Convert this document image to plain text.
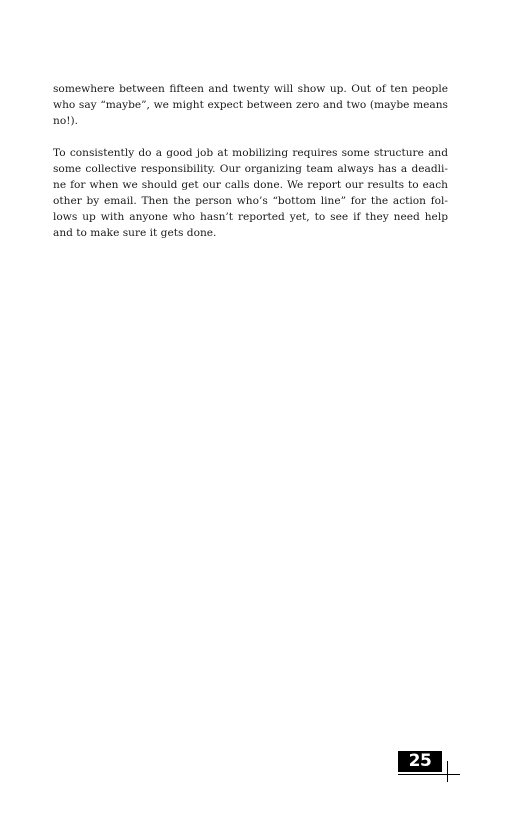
somewhere between fifteen and twenty will show up. Out of ten people
who say “maybe”, we might expect between zero and two (maybe means
no!).

To consistently do a good job at mobilizing requires some structure and
some collective responsibility. Our organizing team always has a deadli-
ne for when we should get our calls done. We report our results to each
other by email. Then the person who’s “bottom line” for the action fol-
lows up with anyone who hasn’t reported yet, to see if they need help
and to make sure it gets done.

25
